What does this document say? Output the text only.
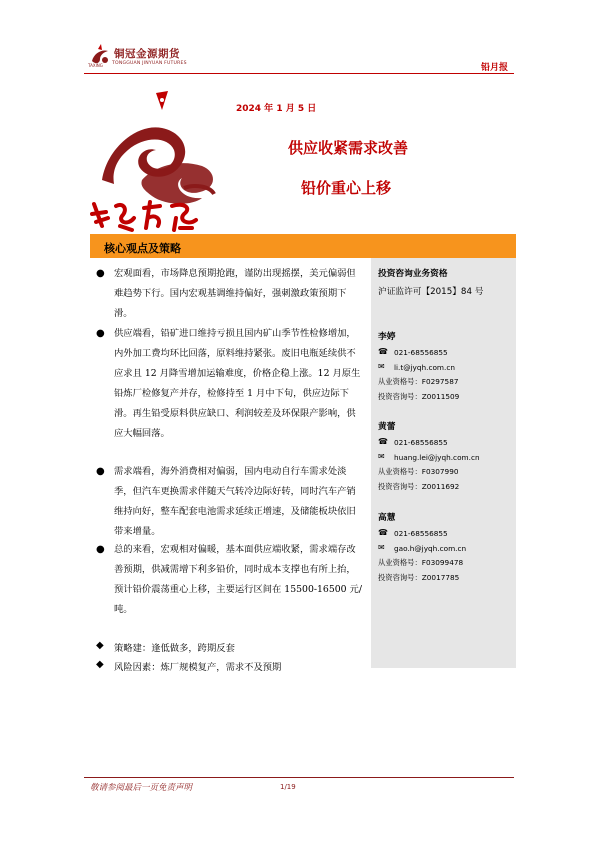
铜冠金源期货
TONGGUAN JINYUAN FUTURES
TAXING	铅月报
2024 年 1 月 5 日
供应收紧需求改善
铅价重心上移
核心观点及策略
投资咨询业务资格
沪证监许可【2015】84 号
李婷
☎ 021-68556855
✉ li.t@jyqh.com.cn
从业资格号：F0297587
投资咨询号：Z0011509
黄蕾
☎ 021-68556855
✉ huang.lei@jyqh.com.cn
从业资格号：F0307990
投资咨询号：Z0011692
高慧
☎ 021-68556855
✉ gao.h@jyqh.com.cn
从业资格号：F03099478
投资咨询号：Z0017785
● 宏观面看，市场降息预期抢跑，谨防出现摇摆，美元偏弱但难趋势下行。国内宏观基调维持偏好，强刺激政策预期下滑。
● 供应端看，铅矿进口维持亏损且国内矿山季节性检修增加，内外加工费均环比回落，原料维持紧张。废旧电瓶延续供不应求且 12 月降雪增加运输难度，价格企稳上涨。12 月原生铅炼厂检修复产并存，检修持至 1 月中下旬，供应边际下滑。再生铅受原料供应缺口、利润较差及环保限产影响，供应大幅回落。
● 需求端看，海外消费相对偏弱，国内电动自行车需求处淡季，但汽车更换需求伴随天气转冷边际好转，同时汽车产销维持向好，整车配套电池需求延续正增速，及储能板块依旧带来增量。
● 总的来看，宏观相对偏暖，基本面供应端收紧，需求端存改善预期，供减需增下利多铅价，同时成本支撑也有所上抬，预计铅价震荡重心上移，主要运行区间在 15500-16500 元/吨。
◆ 策略建：逢低做多，跨期反套
◆ 风险因素：炼厂规模复产，需求不及预期
敬请参阅最后一页免责声明	1/19
